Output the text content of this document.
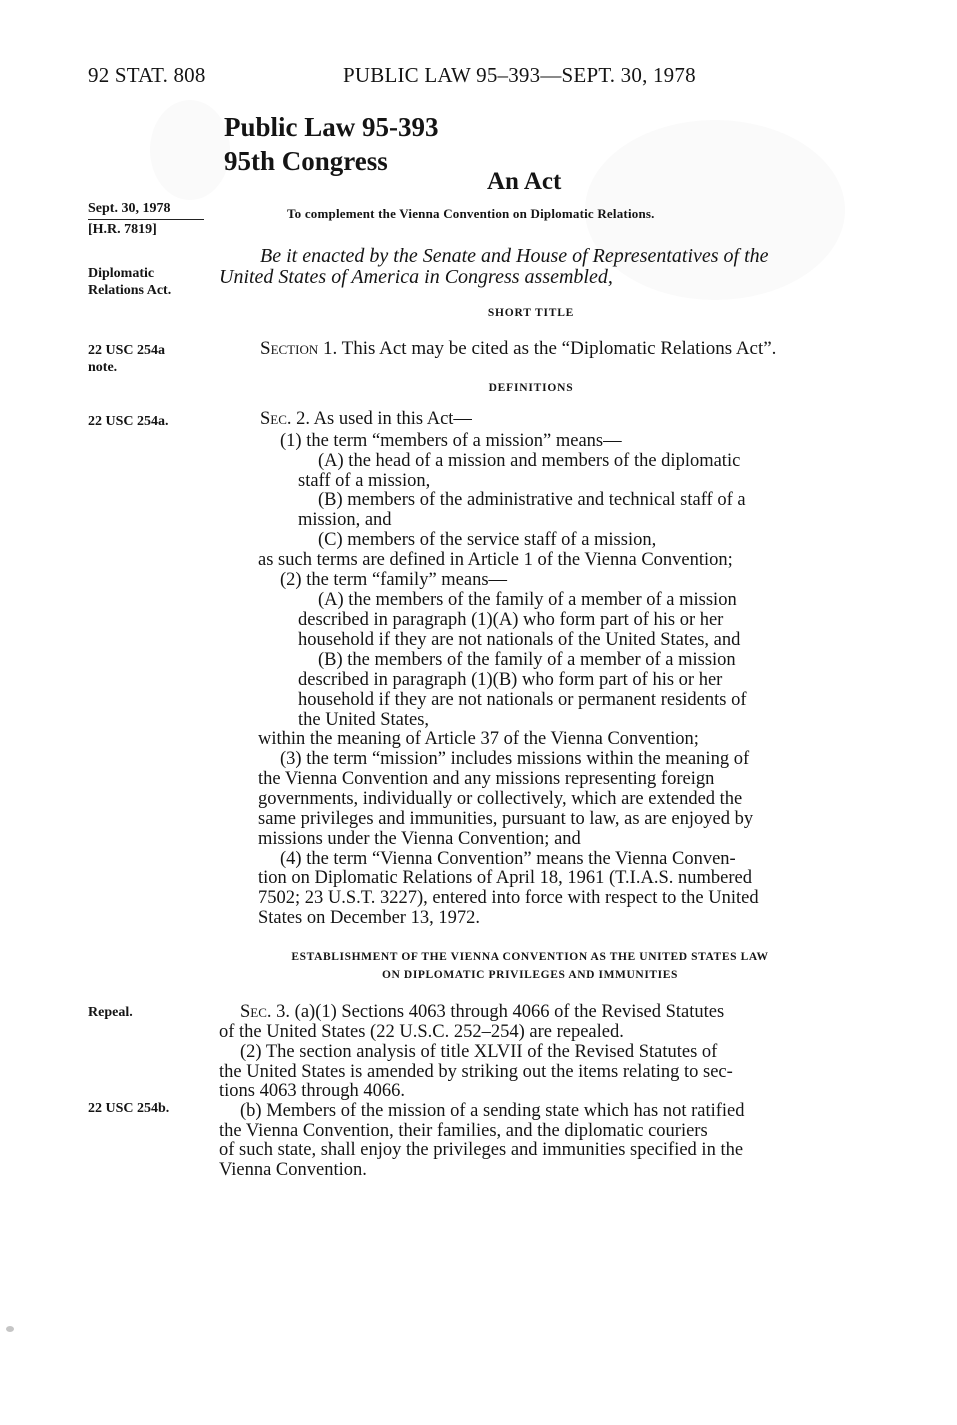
92 STAT. 808	PUBLIC LAW 95–393—SEPT. 30, 1978
Public Law 95-393
95th Congress
An Act
To complement the Vienna Convention on Diplomatic Relations.
Sept. 30, 1978
[H.R. 7819]
Diplomatic
Relations Act.
22 USC 254a
note.
22 USC 254a.
Repeal.
22 USC 254b.
Be it enacted by the Senate and House of Representatives of the
United States of America in Congress assembled,
SHORT TITLE
Section 1. This Act may be cited as the “Diplomatic Relations Act”.
DEFINITIONS
Sec. 2. As used in this Act—
(1) the term “members of a mission” means—
(A) the head of a mission and members of the diplomatic
staff of a mission,
(B) members of the administrative and technical staff of a
mission, and
(C) members of the service staff of a mission,
as such terms are defined in Article 1 of the Vienna Convention;
(2) the term “family” means—
(A) the members of the family of a member of a mission
described in paragraph (1)(A) who form part of his or her
household if they are not nationals of the United States, and
(B) the members of the family of a member of a mission
described in paragraph (1)(B) who form part of his or her
household if they are not nationals or permanent residents of
the United States,
within the meaning of Article 37 of the Vienna Convention;
(3) the term “mission” includes missions within the meaning of
the Vienna Convention and any missions representing foreign
governments, individually or collectively, which are extended the
same privileges and immunities, pursuant to law, as are enjoyed by
missions under the Vienna Convention; and
(4) the term “Vienna Convention” means the Vienna Conven-
tion on Diplomatic Relations of April 18, 1961 (T.I.A.S. numbered
7502; 23 U.S.T. 3227), entered into force with respect to the United
States on December 13, 1972.
ESTABLISHMENT OF THE VIENNA CONVENTION AS THE UNITED STATES LAW
ON DIPLOMATIC PRIVILEGES AND IMMUNITIES
Sec. 3. (a)(1) Sections 4063 through 4066 of the Revised Statutes
of the United States (22 U.S.C. 252–254) are repealed.
(2) The section analysis of title XLVII of the Revised Statutes of
the United States is amended by striking out the items relating to sec-
tions 4063 through 4066.
(b) Members of the mission of a sending state which has not ratified
the Vienna Convention, their families, and the diplomatic couriers
of such state, shall enjoy the privileges and immunities specified in the
Vienna Convention.
